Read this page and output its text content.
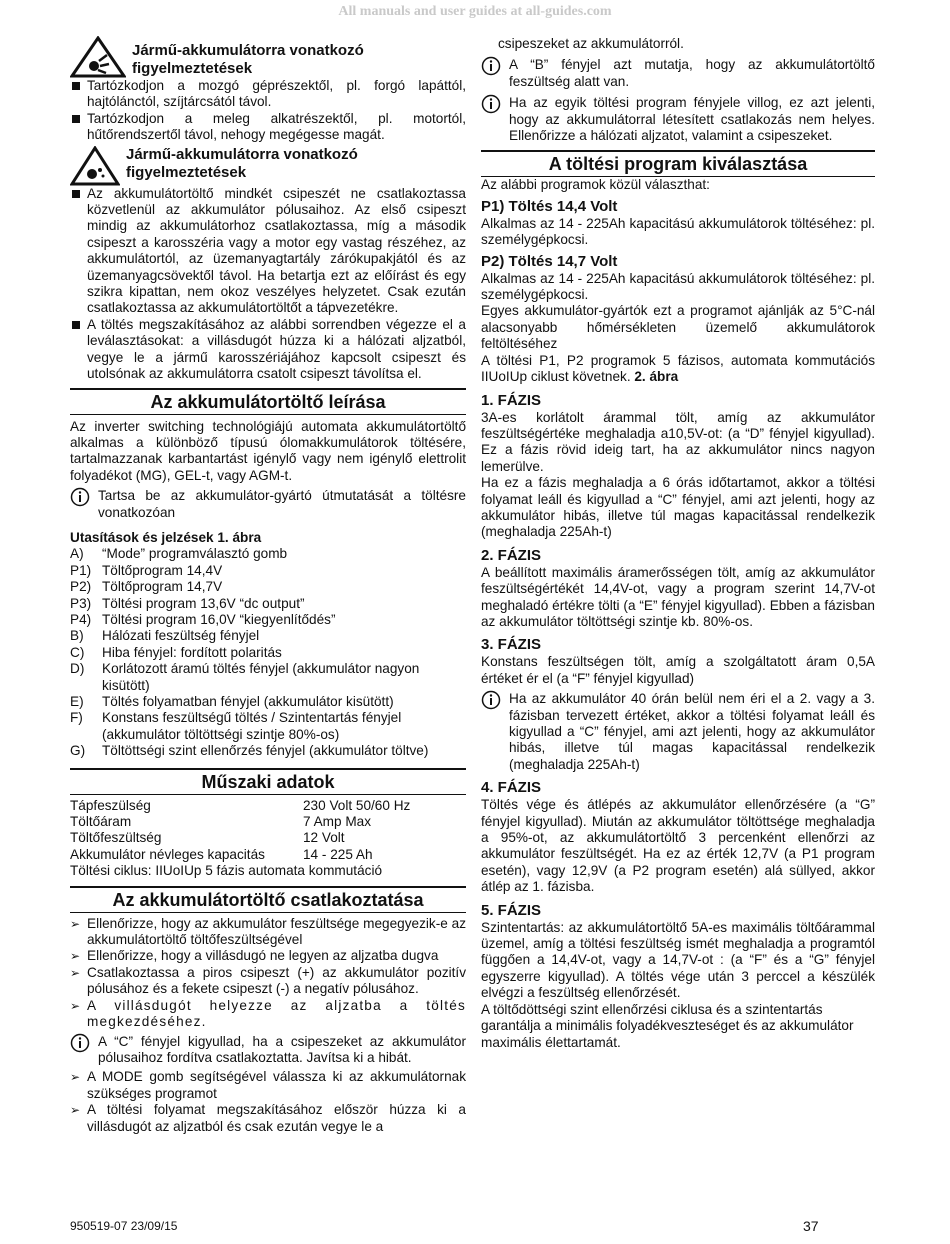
All manuals and user guides at all-guides.com
Jármű-akkumulátorra vonatkozó figyelmeztetések

Tartózkodjon a mozgó géprészektől, pl. forgó lapáttól, hajtólánctól, szíjtárcsától távol.

Tartózkodjon a meleg alkatrészektől, pl. motortól, hűtőrendszertől távol, nehogy megégesse magát.

Jármű-akkumulátorra vonatkozó figyelmeztetések

Az akkumulátortöltő mindkét csipeszét ne csatlakoztassa közvetlenül az akkumulátor pólusaihoz. Az első csipeszt mindig az akkumulátorhoz csatlakoztassa, míg a második csipeszt a karosszéria vagy a motor egy vastag részéhez, az akkumulátortól, az üzemanyagtartály zárókupakjától és az üzemanyagcsövektől távol. Ha betartja ezt az előírást és egy szikra kipattan, nem okoz veszélyes helyzetet. Csak ezután csatlakoztassa az akkumulátortöltőt a tápvezetékre.

A töltés megszakításához az alábbi sorrendben végezze el a leválasztásokat: a villásdugót húzza ki a hálózati aljzatból, vegye le a jármű karosszériájához kapcsolt csipeszt és utolsónak az akkumulátorra csatolt csipeszt távolítsa el.

Az akkumulátortöltő leírása

Az inverter switching technológiájú automata akkumulátortöltő alkalmas a különböző típusú ólomakkumulátorok töltésére, tartalmazzanak karbantartást igénylő vagy nem igénylő elettrolit folyadékot (MG), GEL-t, vagy AGM-t.

Tartsa be az akkumulátor-gyártó útmutatását a töltésre vonatkozóan

Utasítások és jelzések 1. ábra

A)	“Mode” programválasztó gomb
P1) Töltőprogram 14,4V
P2) Töltőprogram 14,7V
P3) Töltési program 13,6V “dc output”
P4) Töltési program 16,0V “kiegyenlítődés”
B)	Hálózati feszültség fényjel
C)	Hiba fényjel: fordított polaritás
D)	Korlátozott áramú töltés fényjel (akkumulátor nagyon kisütött)
E)	Töltés folyamatban fényjel (akkumulátor kisütött)
F)	Konstans feszültségű töltés / Szintentartás fényjel (akkumulátor töltöttségi szintje 80%-os)
G)	Töltöttségi szint ellenőrzés fényjel (akkumulátor töltve)
Műszaki adatok
Tápfeszülség	230 Volt 50/60 Hz
Töltőáram	7 Amp Max
Töltőfeszültség	12 Volt
Akkumulátor névleges kapacitás	14 - 225 Ah

Töltési ciklus: IIUoIUp 5 fázis automata kommutáció

Az akkumulátortöltő csatlakoztatása

➢ Ellenőrizze, hogy az akkumulátor feszültsége megegyezik-e az akkumulátortöltő töltőfeszültségével

➢ Ellenőrizze, hogy a villásdugó ne legyen az aljzatba dugva

➢ Csatlakoztassa a piros csipeszt (+) az akkumulátor pozitív pólusához és a fekete csipeszt (-) a negatív pólusához.

➢ A villásdugót helyezze az aljzatba a töltés megkezdéséhez.

A “C” fényjel kigyullad, ha a csipeszeket az akkumulátor pólusaihoz fordítva csatlakoztatta. Javítsa ki a hibát.

➢ A MODE gomb segítségével válassza ki az akkumulátornak szükséges programot

➢ A töltési folyamat megszakításához először húzza ki a villásdugót az aljzatból és csak ezután vegye le a

csipeszeket az akkumulátorról.

A “B” fényjel azt mutatja, hogy az akkumulátortöltő feszültség alatt van.

Ha az egyik töltési program fényjele villog, ez azt jelenti, hogy az akkumulátorral létesített csatlakozás nem helyes. Ellenőrizze a hálózati aljzatot, valamint a csipeszeket.

A töltési program kiválasztása

Az alábbi programok közül választhat:

P1) Töltés 14,4 Volt

Alkalmas az 14 - 225Ah kapacitású akkumulátorok töltéséhez: pl. személygépkocsi.

P2) Töltés 14,7 Volt

Alkalmas az 14 - 225Ah kapacitású akkumulátorok töltéséhez: pl. személygépkocsi.

Egyes akkumulátor-gyártók ezt a programot ajánlják az 5°C-nál alacsonyabb hőmérsékleten üzemelő akkumulátorok feltöltéséhez

A töltési P1, P2 programok 5 fázisos, automata kommutációs IIUoIUp ciklust követnek. 2. ábra

1. FÁZIS

3A-es korlátolt árammal tölt, amíg az akkumulátor feszültségértéke meghaladja a10,5V-ot: (a “D” fényjel kigyullad). Ez a fázis rövid ideig tart, ha az akkumulátor nincs nagyon lemerülve.

Ha ez a fázis meghaladja a 6 órás időtartamot, akkor a töltési folyamat leáll és kigyullad a “C” fényjel, ami azt jelenti, hogy az akkumulátor hibás, illetve túl magas kapacitással rendelkezik (meghaladja 225Ah-t)

2. FÁZIS

A beállított maximális áramerősségen tölt, amíg az akkumulátor feszültségértékét 14,4V-ot, vagy a program szerint 14,7V-ot meghaladó értékre tölti (a “E” fényjel kigyullad). Ebben a fázisban az akkumulátor töltöttségi szintje kb. 80%-os.

3. FÁZIS

Konstans feszültségen tölt, amíg a szolgáltatott áram 0,5A értéket ér el (a “F” fényjel kigyullad)

Ha az akkumulátor 40 órán belül nem éri el a 2. vagy a 3. fázisban tervezett értéket, akkor a töltési folyamat leáll és kigyullad a “C” fényjel, ami azt jelenti, hogy az akkumulátor hibás, illetve túl magas kapacitással rendelkezik (meghaladja 225Ah-t)

4. FÁZIS

Töltés vége és átlépés az akkumulátor ellenőrzésére (a “G” fényjel kigyullad). Miután az akkumulátor töltöttsége meghaladja a 95%-ot, az akkumulátortöltő 3 percenként ellenőrzi az akkumulátor feszültségét. Ha ez az érték 12,7V (a P1 program esetén), vagy 12,9V (a P2 program esetén) alá süllyed, akkor átlép az 1. fázisba.

5. FÁZIS

Szintentartás: az akkumulátortöltő 5A-es maximális töltőárammal üzemel, amíg a töltési feszültség ismét meghaladja a programtól függően a 14,4V-ot, vagy a 14,7V-ot : (a “F” és a “G” fényjel egyszerre kigyullad). A töltés vége után 3 perccel a készülék elvégzi a feszültség ellenőrzését.

A töltődöttségi szint ellenőrzési ciklusa és a szintentartás garantálja a minimális folyadékveszteséget és az akkumulátor maximális élettartamát.

950519-07 23/09/15	37
